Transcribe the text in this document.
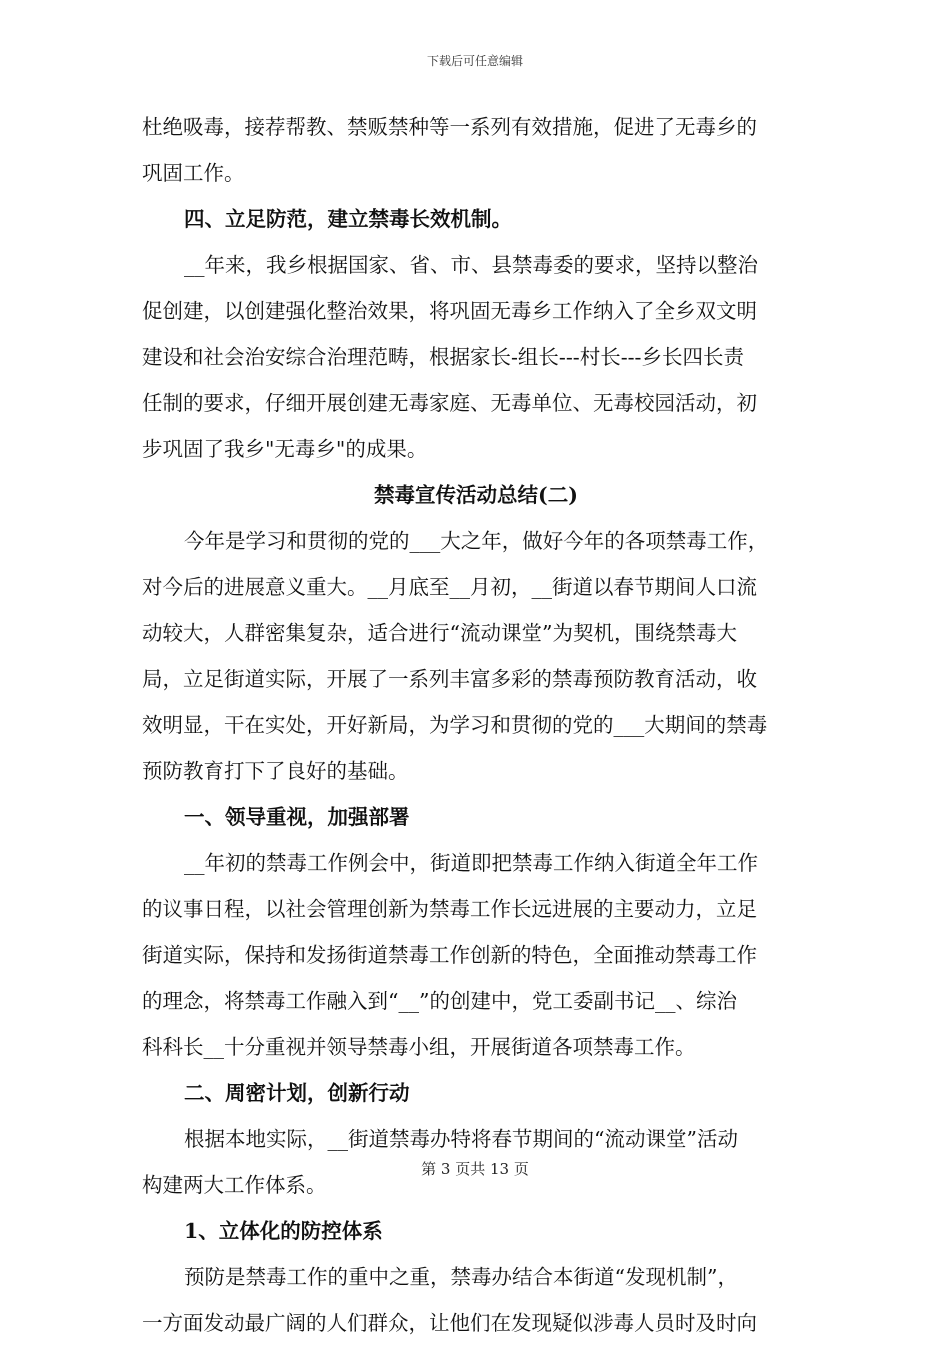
下载后可任意编辑
杜绝吸毒，接荐帮教、禁贩禁种等一系列有效措施，促进了无毒乡的
巩固工作。
四、立足防范，建立禁毒长效机制。
__年来，我乡根据国家、省、市、县禁毒委的要求，坚持以整治
促创建，以创建强化整治效果，将巩固无毒乡工作纳入了全乡双文明
建设和社会治安综合治理范畴，根据家长-组长---村长---乡长四长责
任制的要求，仔细开展创建无毒家庭、无毒单位、无毒校园活动，初
步巩固了我乡"无毒乡"的成果。
禁毒宣传活动总结(二)
今年是学习和贯彻的党的___大之年，做好今年的各项禁毒工作，
对今后的进展意义重大。__月底至__月初，__街道以春节期间人口流
动较大，人群密集复杂，适合进行“流动课堂”为契机，围绕禁毒大
局，立足街道实际，开展了一系列丰富多彩的禁毒预防教育活动，收
效明显，干在实处，开好新局，为学习和贯彻的党的___大期间的禁毒
预防教育打下了良好的基础。
一、领导重视，加强部署
__年初的禁毒工作例会中，街道即把禁毒工作纳入街道全年工作
的议事日程，以社会管理创新为禁毒工作长远进展的主要动力，立足
街道实际，保持和发扬街道禁毒工作创新的特色，全面推动禁毒工作
的理念，将禁毒工作融入到“__”的创建中，党工委副书记__、综治
科科长__十分重视并领导禁毒小组，开展街道各项禁毒工作。
二、周密计划，创新行动
根据本地实际，__街道禁毒办特将春节期间的“流动课堂”活动
构建两大工作体系。
1、立体化的防控体系
预防是禁毒工作的重中之重，禁毒办结合本街道“发现机制”，
一方面发动最广阔的人们群众，让他们在发现疑似涉毒人员时及时向
第 3 页共 13 页
